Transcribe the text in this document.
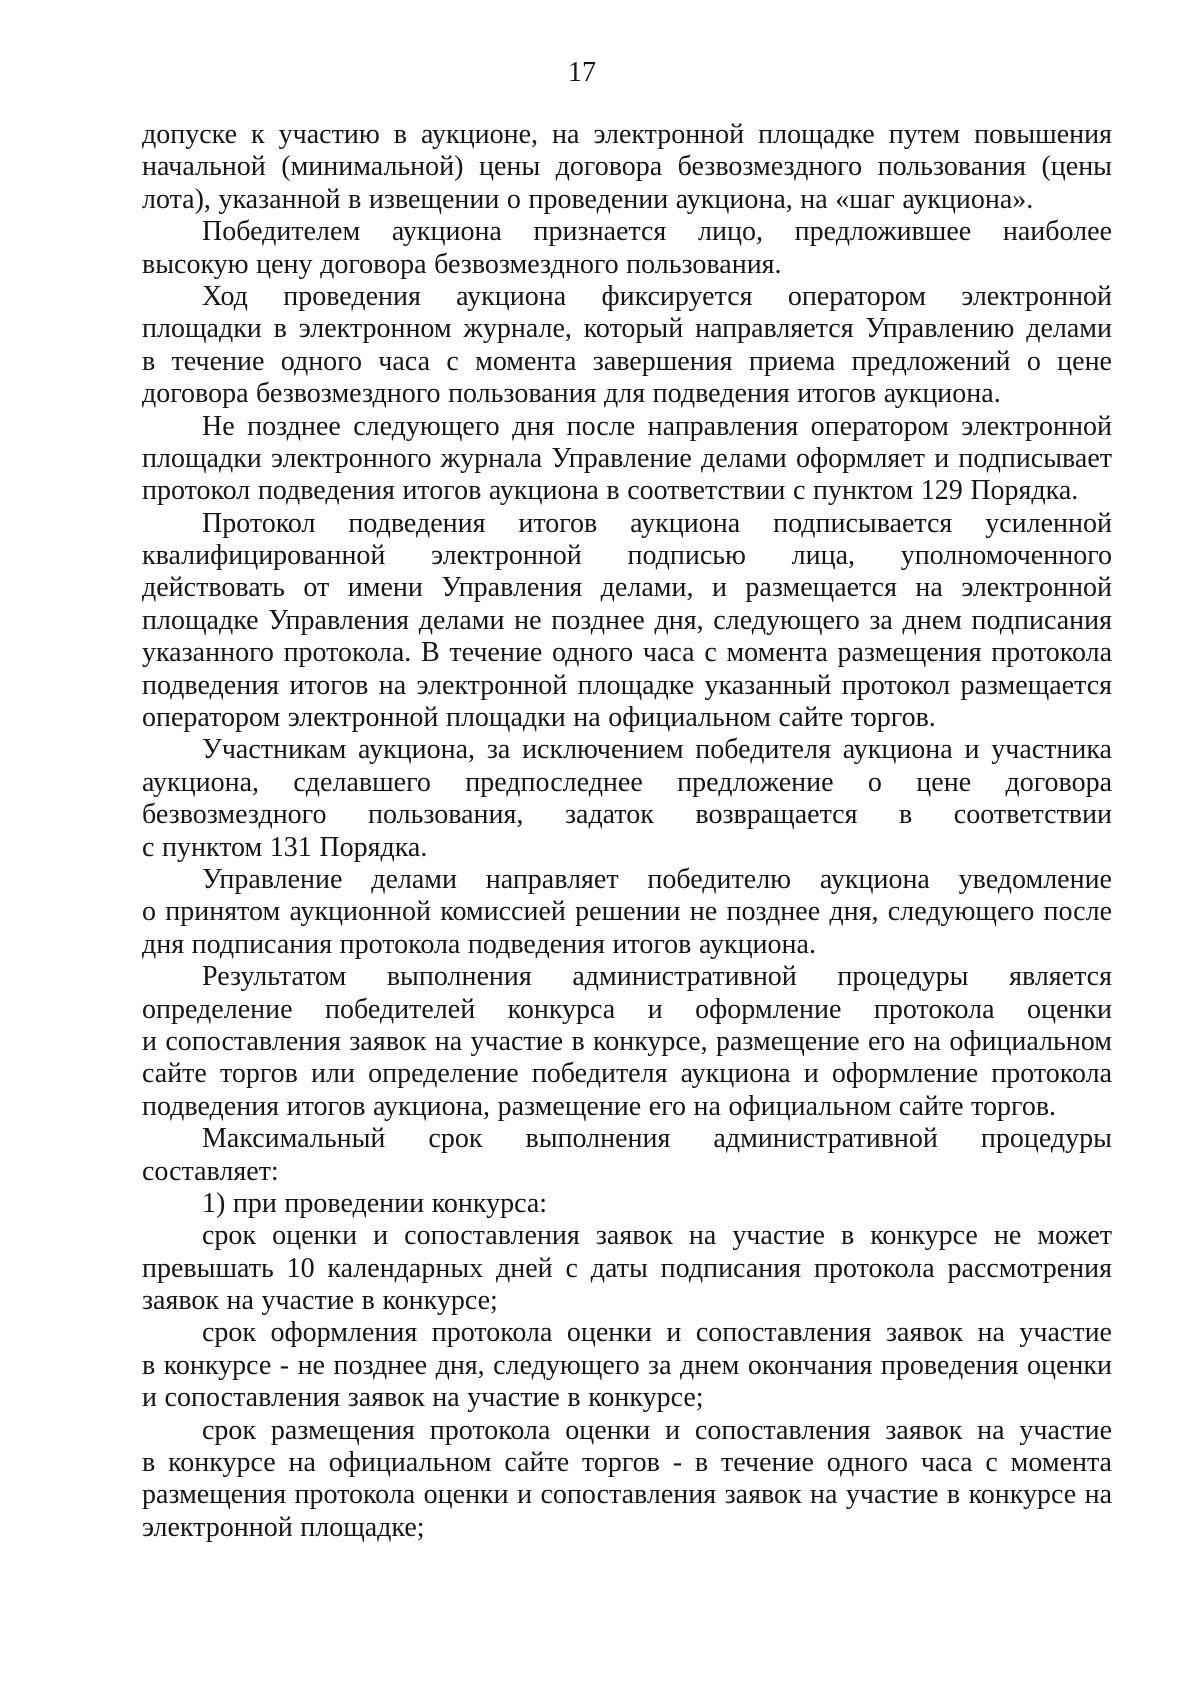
17
допуске к участию в аукционе, на электронной площадке путем повышения
начальной (минимальной) цены договора безвозмездного пользования (цены
лота), указанной в извещении о проведении аукциона, на «шаг аукциона».
Победителем аукциона признается лицо, предложившее наиболее
высокую цену договора безвозмездного пользования.
Ход проведения аукциона фиксируется оператором электронной
площадки в электронном журнале, который направляется Управлению делами
в течение одного часа с момента завершения приема предложений о цене
договора безвозмездного пользования для подведения итогов аукциона.
Не позднее следующего дня после направления оператором электронной
площадки электронного журнала Управление делами оформляет и подписывает
протокол подведения итогов аукциона в соответствии с пунктом 129 Порядка.
Протокол подведения итогов аукциона подписывается усиленной
квалифицированной электронной подписью лица, уполномоченного
действовать от имени Управления делами, и размещается на электронной
площадке Управления делами не позднее дня, следующего за днем подписания
указанного протокола. В течение одного часа с момента размещения протокола
подведения итогов на электронной площадке указанный протокол размещается
оператором электронной площадки на официальном сайте торгов.
Участникам аукциона, за исключением победителя аукциона и участника
аукциона, сделавшего предпоследнее предложение о цене договора
безвозмездного пользования, задаток возвращается в соответствии
с пунктом 131 Порядка.
Управление делами направляет победителю аукциона уведомление
о принятом аукционной комиссией решении не позднее дня, следующего после
дня подписания протокола подведения итогов аукциона.
Результатом выполнения административной процедуры является
определение победителей конкурса и оформление протокола оценки
и сопоставления заявок на участие в конкурсе, размещение его на официальном
сайте торгов или определение победителя аукциона и оформление протокола
подведения итогов аукциона, размещение его на официальном сайте торгов.
Максимальный срок выполнения административной процедуры
составляет:
1) при проведении конкурса:
срок оценки и сопоставления заявок на участие в конкурсе не может
превышать 10 календарных дней с даты подписания протокола рассмотрения
заявок на участие в конкурсе;
срок оформления протокола оценки и сопоставления заявок на участие
в конкурсе - не позднее дня, следующего за днем окончания проведения оценки
и сопоставления заявок на участие в конкурсе;
срок размещения протокола оценки и сопоставления заявок на участие
в конкурсе на официальном сайте торгов - в течение одного часа с момента
размещения протокола оценки и сопоставления заявок на участие в конкурсе на
электронной площадке;
